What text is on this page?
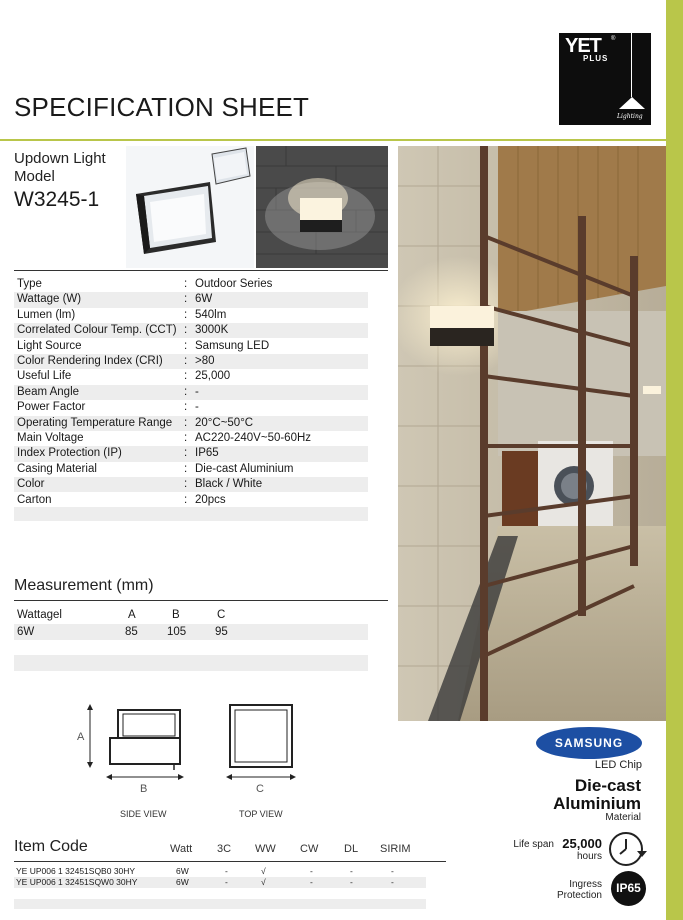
SPECIFICATION SHEET
YET ®
PLUS
Lighting
Updown Light
Model
W3245-1
Type	: Outdoor Series
Wattage (W)	: 6W
Lumen (lm)	: 540lm
Correlated Colour Temp. (CCT) : 3000K
Light Source	: Samsung LED
Color Rendering Index (CRI) : >80
Useful Life	: 25,000
Beam Angle	: -
Power Factor	: -
Operating Temperature Range : 20°C~50°C
Main Voltage	: AC220-240V~50-60Hz
Index Protection (IP)	: IP65
Casing Material	: Die-cast Aluminium
Color	: Black / White
Carton	: 20pcs
Measurement (mm)
Wattagel	A	B	C
6W	85	105	95
A
B
SIDE VIEW
C
TOP VIEW
Item Code	Watt 3C WW CW DL SIRIM
YE UP006 1 32451SQB0 30HY	6W	-	√	-	-	-
YE UP006 1 32451SQW0 30HY	6W	-	√	-	-	-
SAMSUNG
LED Chip
Die-cast
Aluminium
Material
Life span 25,000
hours
Ingress
Protection
IP65
